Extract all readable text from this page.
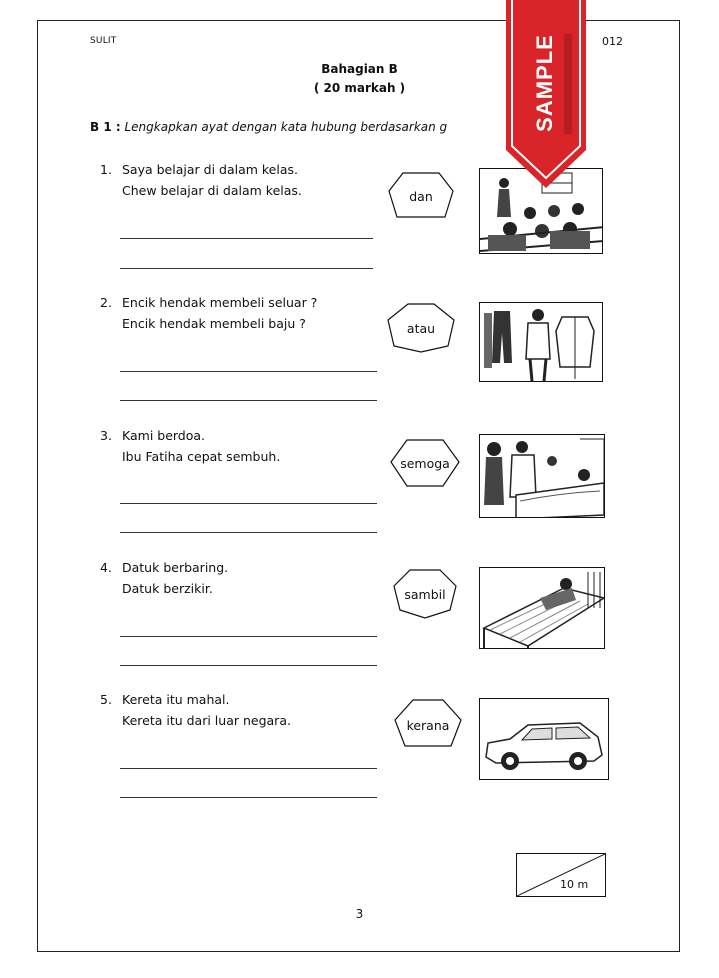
SULIT	012
Bahagian B
( 20 markah )
B 1 : Lengkapkan ayat dengan kata hubung berdasarkan g
1. Saya belajar di dalam kelas.
Chew belajar di dalam kelas.	dan
2. Encik hendak membeli seluar ?
Encik hendak membeli baju ?	atau
3. Kami berdoa.
Ibu Fatiha cepat sembuh.	semoga
4. Datuk berbaring.
Datuk berzikir.	sambil
5. Kereta itu mahal.
Kereta itu dari luar negara.	kerana
10 m
3
SAMPLE
